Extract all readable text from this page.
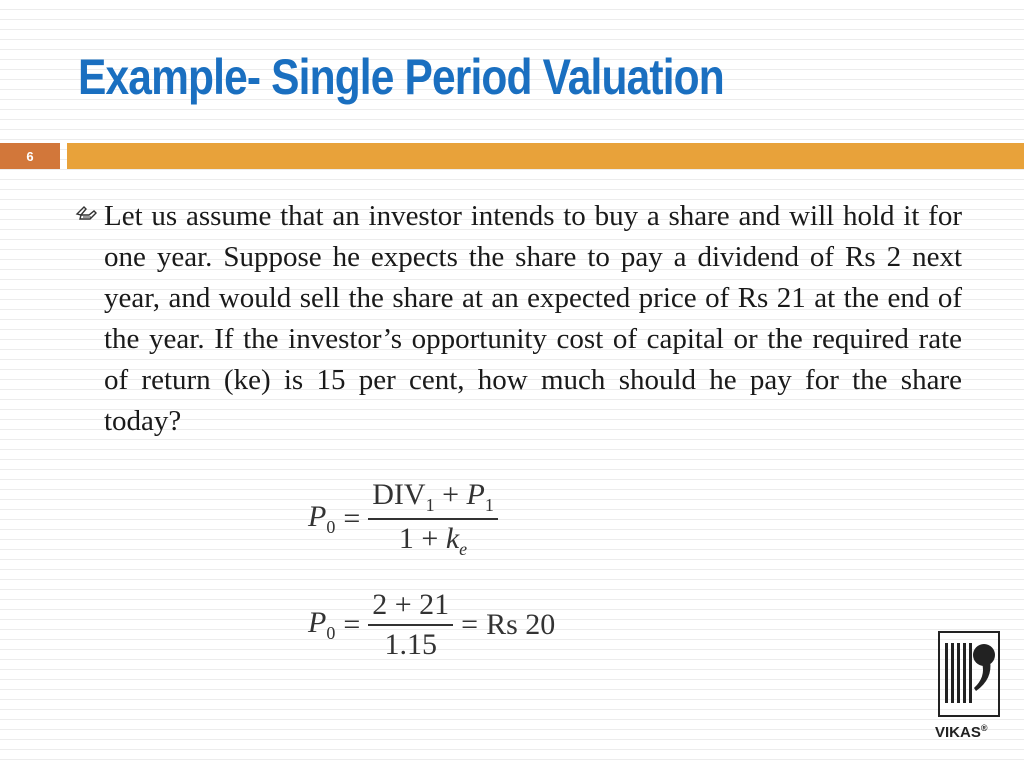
Example- Single Period Valuation
6

Let us assume that an investor intends to buy a share and will hold it for one year. Suppose he expects the share to pay a dividend of Rs 2 next year, and would sell the share at an expected price of Rs 21 at the end of the year. If the investor’s opportunity cost of capital or the required rate of return (ke) is 15 per cent, how much should he pay for the share today?

$P_0 = \frac{DIV_1 + P_1}{1 + k_e}$
$P_0 = \frac{2 + 21}{1.15} = Rs$ 20
VIKAS®
